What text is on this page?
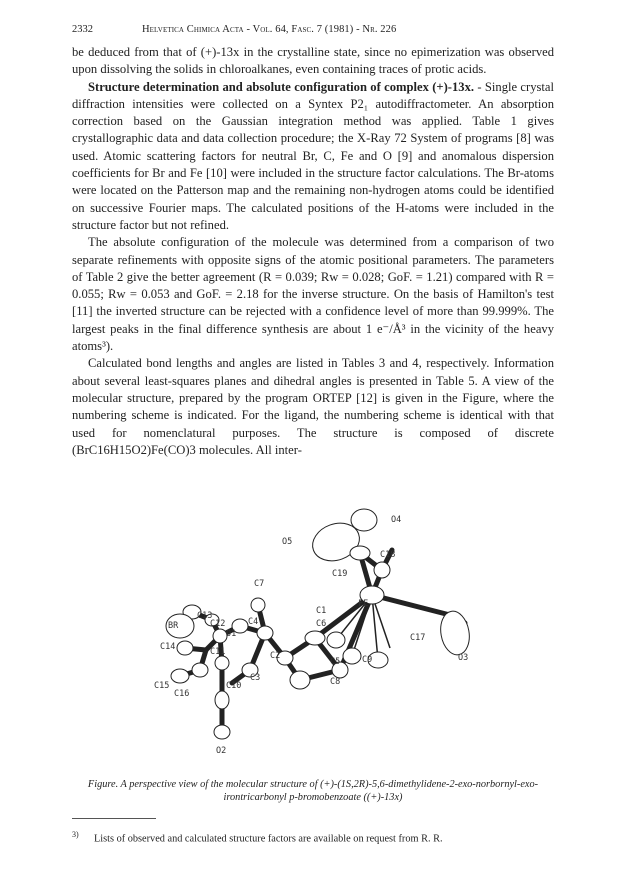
2332	Helvetica Chimica Acta - Vol. 64, Fasc. 7 (1981) - Nr. 226

be deduced from that of (+)-13x in the crystalline state, since no epimerization was observed upon dissolving the solids in chloroalkanes, even containing traces of protic acids.

Structure determination and absolute configuration of complex (+)-13x. - Single crystal diffraction intensities were collected on a Syntex P2₁ autodiffractometer. An absorption correction based on the Gaussian integration method was applied. Table 1 gives crystallographic data and data collection procedure; the X-Ray 72 System of programs [8] was used. Atomic scattering factors for neutral Br, C, Fe and O [9] and anomalous dispersion coefficients for Br and Fe [10] were included in the structure factor calculations. The Br-atoms were located on the Patterson map and the remaining non-hydrogen atoms could be identified on successive Fourier maps. The calculated positions of the H-atoms were included in the structure factor but not refined.

The absolute configuration of the molecule was determined from a comparison of two separate refinements with opposite signs of the atomic positional parameters. The parameters of Table 2 give the better agreement (R = 0.039; Rw = 0.028; GoF. = 1.21) compared with R = 0.055; Rw = 0.053 and GoF. = 2.18 for the inverse structure. On the basis of Hamilton's test [11] the inverted structure can be rejected with a confidence level of more than 99.999%. The largest peaks in the final difference synthesis are about 1 e⁻/Å³ in the vicinity of the heavy atoms³).

Calculated bond lengths and angles are listed in Tables 3 and 4, respectively. Information about several least-squares planes and dihedral angles is presented in Table 5. A view of the molecular structure, prepared by the program ORTEP [12] is given in the Figure, where the numbering scheme is indicated. For the ligand, the numbering scheme is identical with that used for nomenclatural purposes. The structure is composed of discrete (BrC16H15O2)Fe(CO)3 molecules. All inter-

O4
O5
C18
C19
C7
FE
C1
C13
C4
BR	C12
O1
C6
C17
O3
C14	C11	C2
C5	C9
C15
C16
C10
C3	C8
O2
Figure. A perspective view of the molecular structure of (+)-(1S,2R)-5,6-dimethylidene-2-exo-norbornyl-exo-irontricarbonyl p-bromobenzoate ((+)-13x)
3) Lists of observed and calculated structure factors are available on request from R. R.
